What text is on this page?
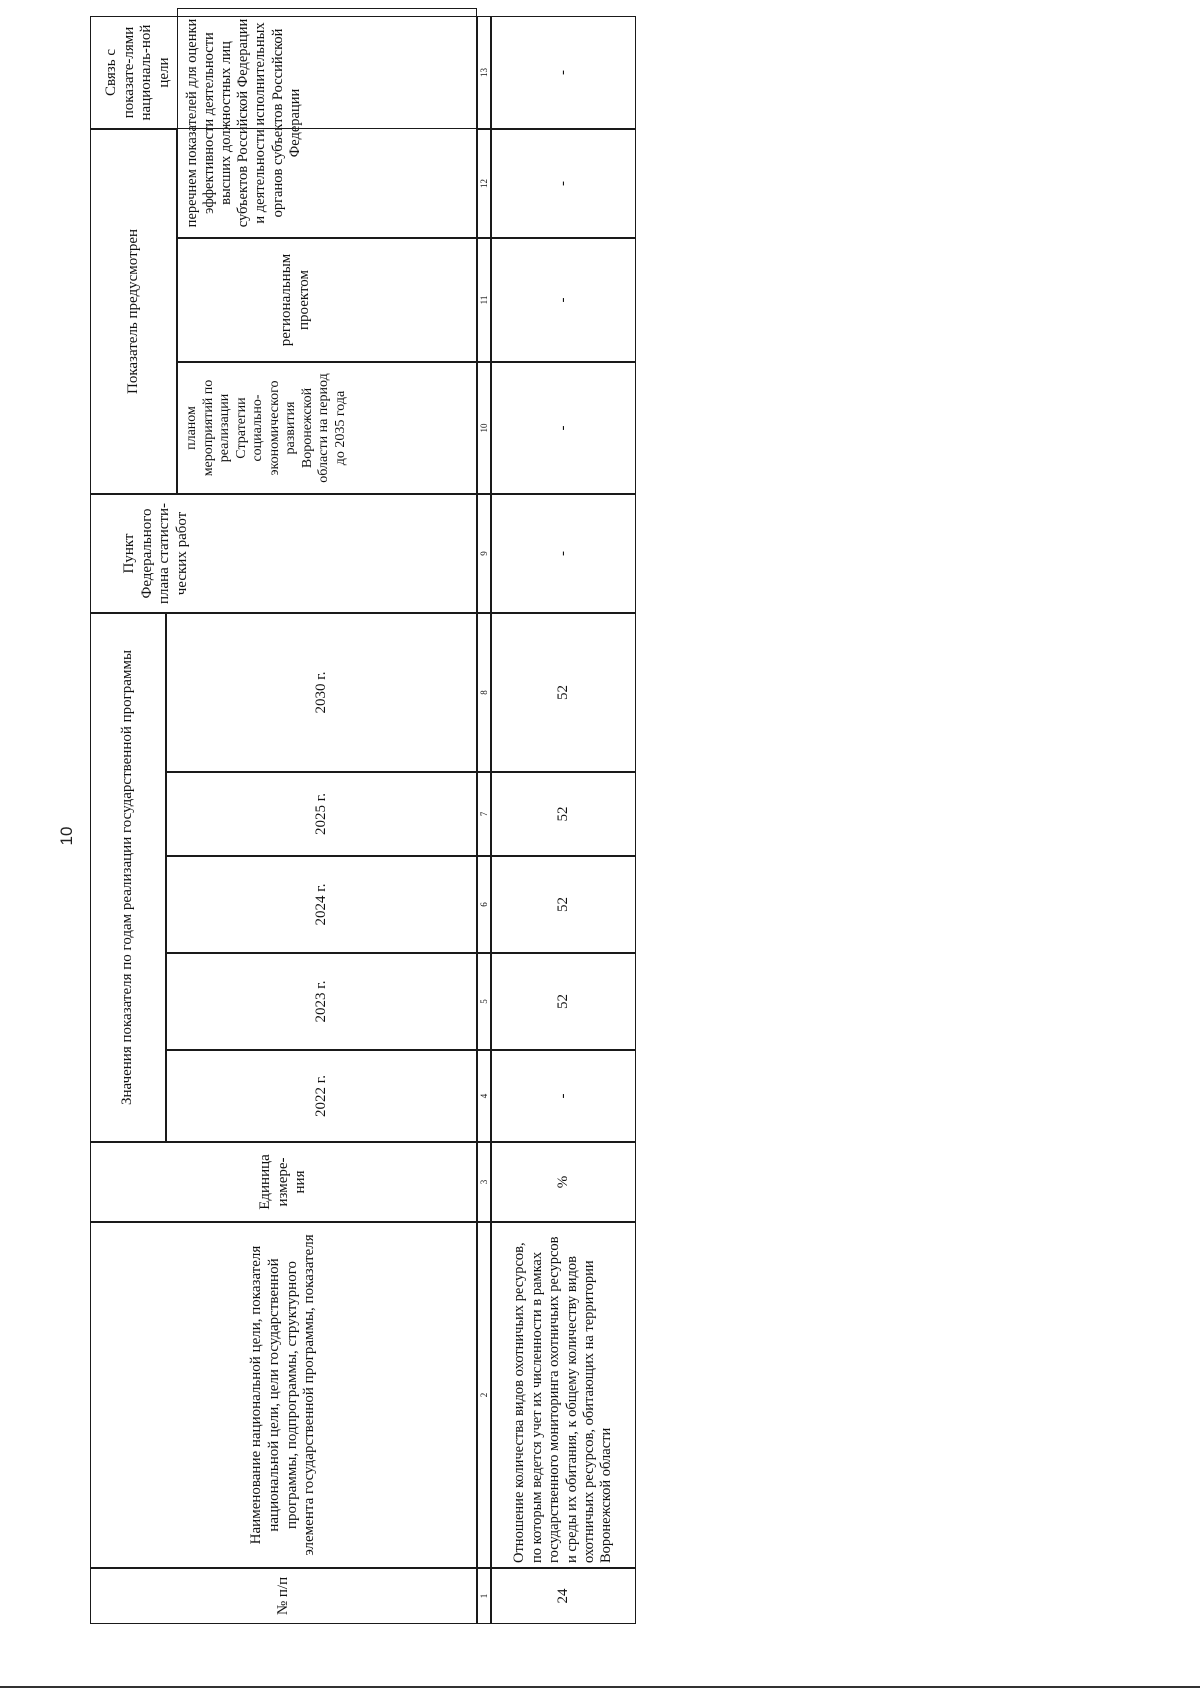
10
№ п/п
Наименование национальной цели, показателя национальной цели, цели государственной программы, подпрограммы, структурного элемента государственной программы, показателя
Единица измере-ния
Значения показателя по годам реализации государственной программы	2022 г.
2023 г.
2024 г.
2025 г.
2030 г.
Пункт Федерального плана статисти-ческих работ
Показатель предусмотрен
планом мероприятий по реализации Стратегии социально-экономического развития Воронежской области на период до 2035 года
региональным проектом
перечнем показателей для оценки эффективности деятельности высших должностных лиц субъектов Российской Федерации и деятельности исполнительных органов субъектов Российской Федерации
Связь с показате-лями националь-ной цели
1
2
3
4
5
6
7
8
9
10
11
12
13
24
Отношение количества видов охотничьих ресурсов, по которым ведется учет их численности в рамках государственного мониторинга охотничьих ресурсов и среды их обитания, к общему количеству видов охотничьих ресурсов, обитающих на территории Воронежской области
%
-
52
52
52
52
-
-
-
-
-
